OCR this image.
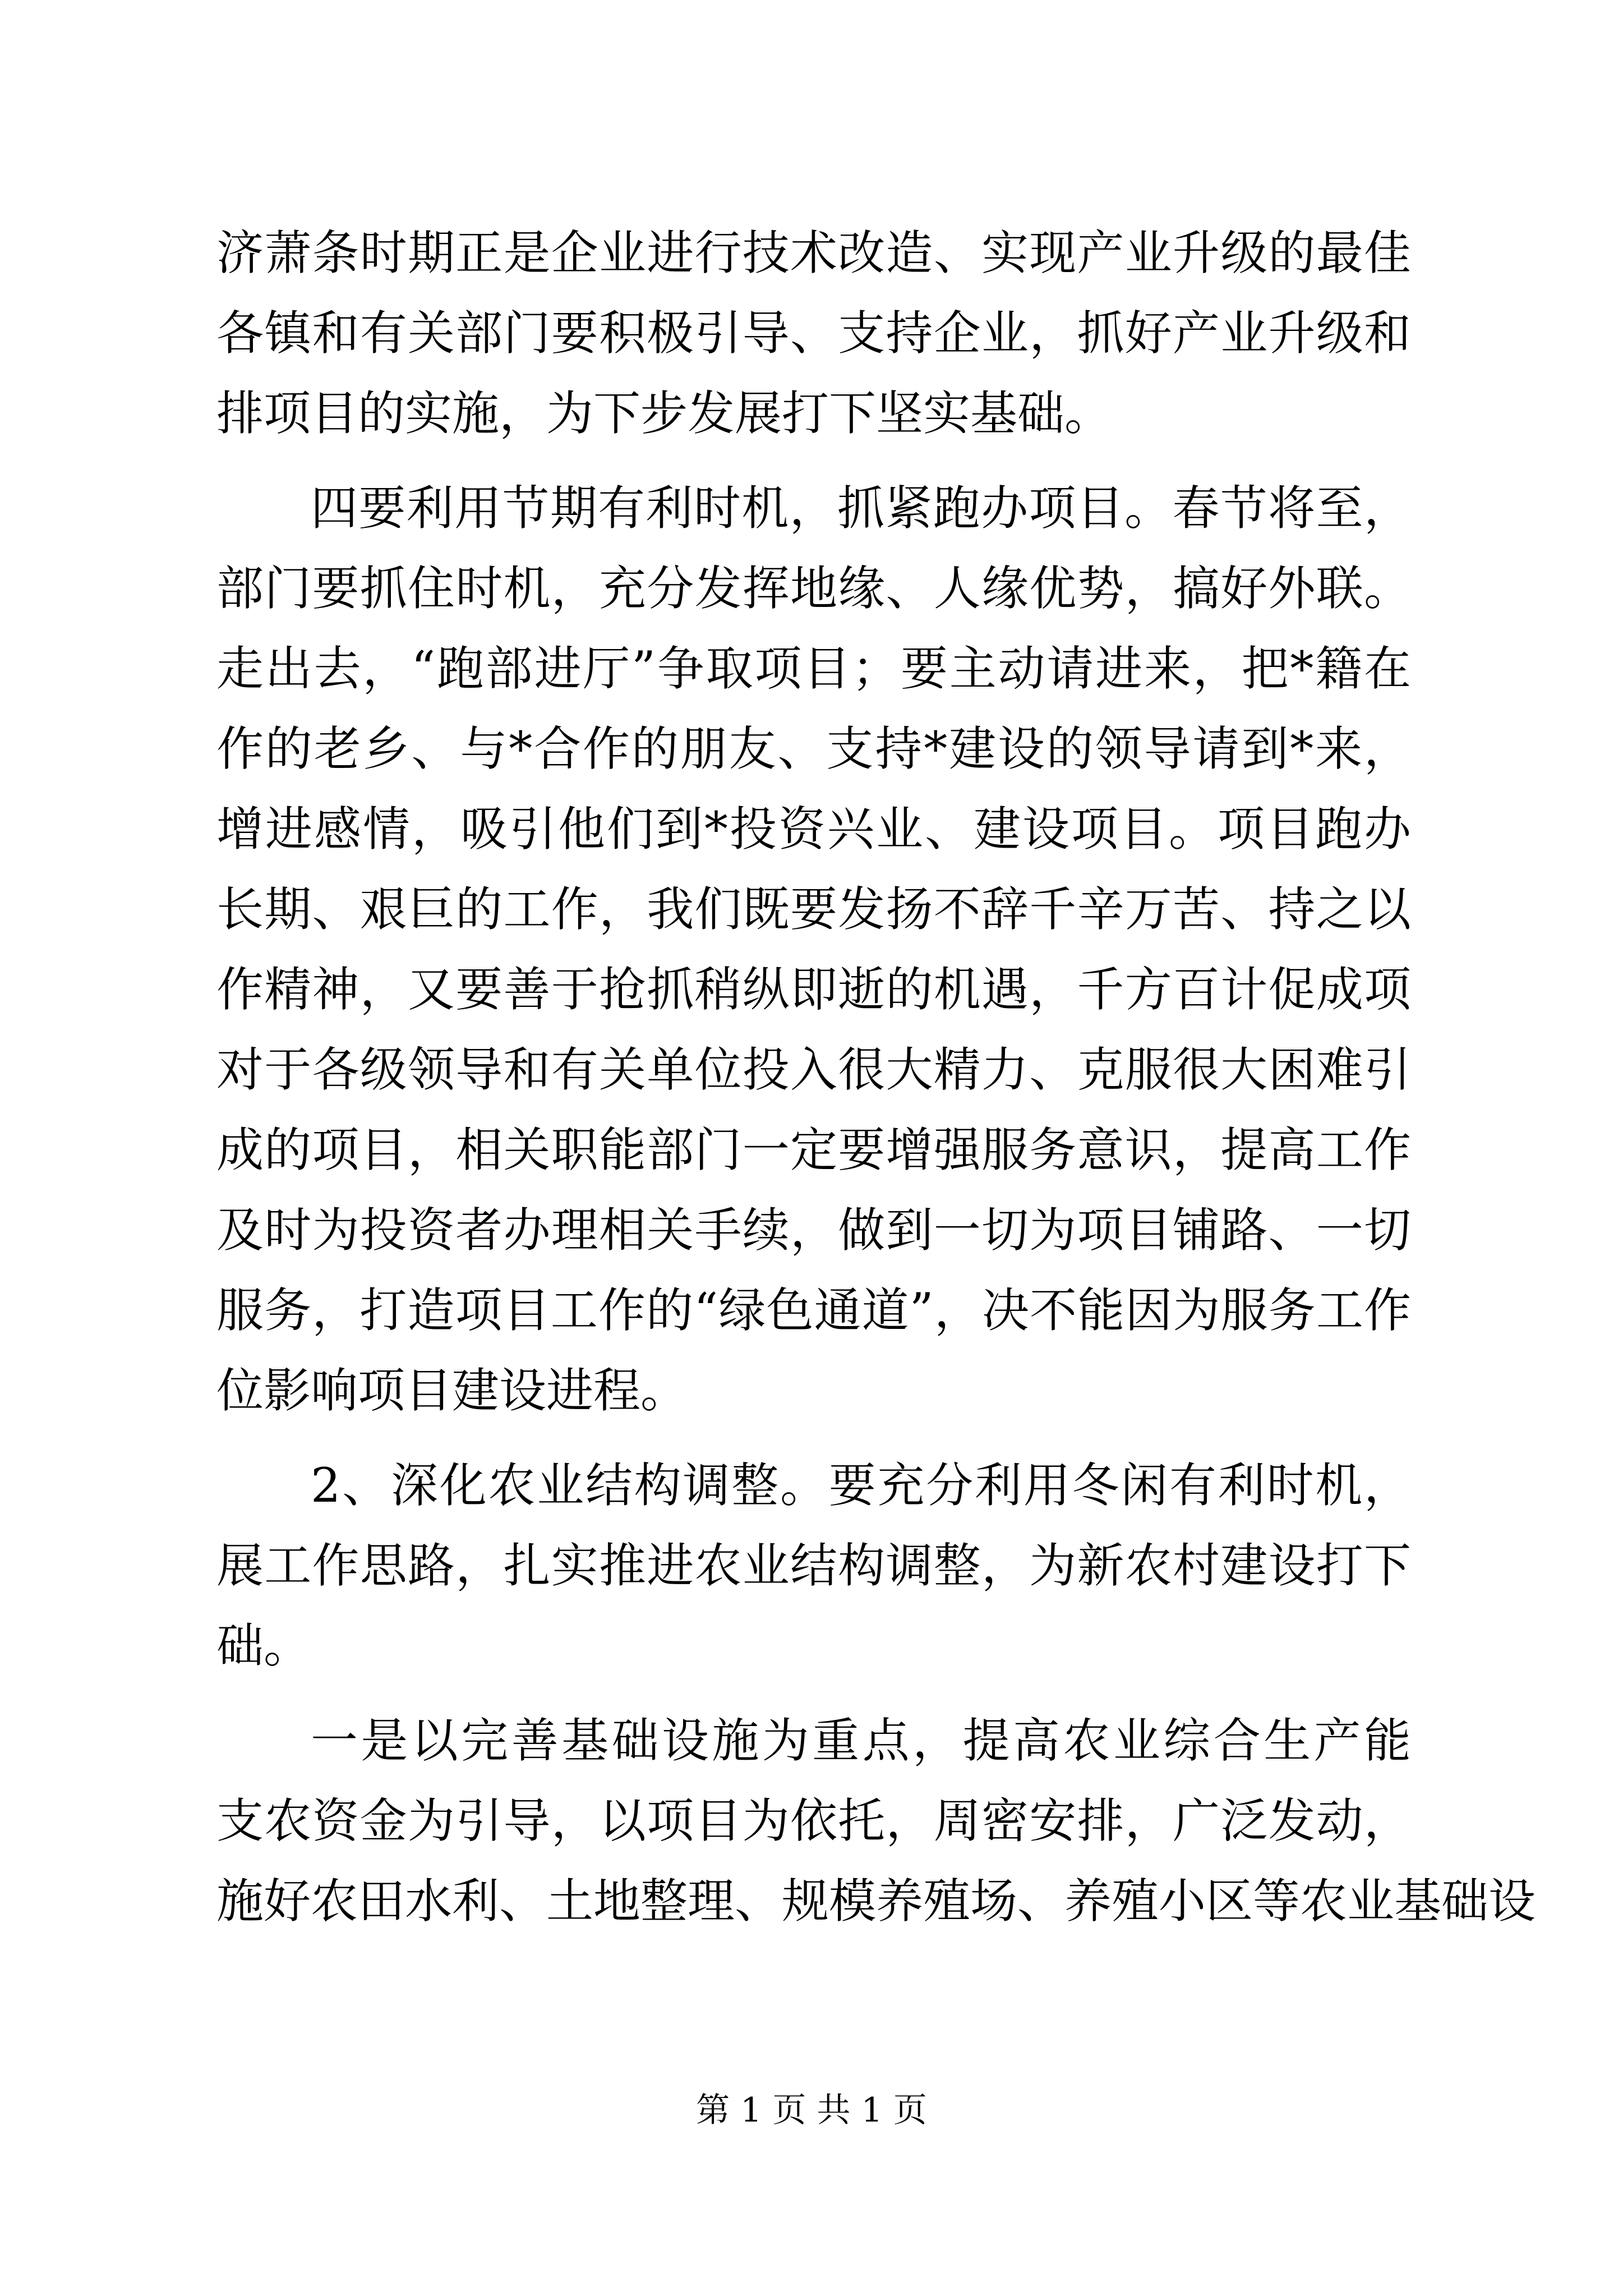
济萧条时期正是企业进行技术改造、实现产业升级的最佳
各镇和有关部门要积极引导、支持企业，抓好产业升级和
排项目的实施，为下步发展打下坚实基础。
四要利用节期有利时机，抓紧跑办项目。春节将至，
部门要抓住时机，充分发挥地缘、人缘优势，搞好外联。
走出去，“跑部进厅”争取项目；要主动请进来，把*籍在
作的老乡、与*合作的朋友、支持*建设的领导请到*来，
增进感情，吸引他们到*投资兴业、建设项目。项目跑办
长期、艰巨的工作，我们既要发扬不辞千辛万苦、持之以
作精神，又要善于抢抓稍纵即逝的机遇，千方百计促成项
对于各级领导和有关单位投入很大精力、克服很大困难引
成的项目，相关职能部门一定要增强服务意识，提高工作
及时为投资者办理相关手续，做到一切为项目铺路、一切
服务，打造项目工作的“绿色通道”，决不能因为服务工作
位影响项目建设进程。
2、深化农业结构调整。要充分利用冬闲有利时机，
展工作思路，扎实推进农业结构调整，为新农村建设打下
础。
一是以完善基础设施为重点，提高农业综合生产能
支农资金为引导，以项目为依托，周密安排，广泛发动，
施好农田水利、土地整理、规模养殖场、养殖小区等农业基础设
第 1 页 共 1 页
